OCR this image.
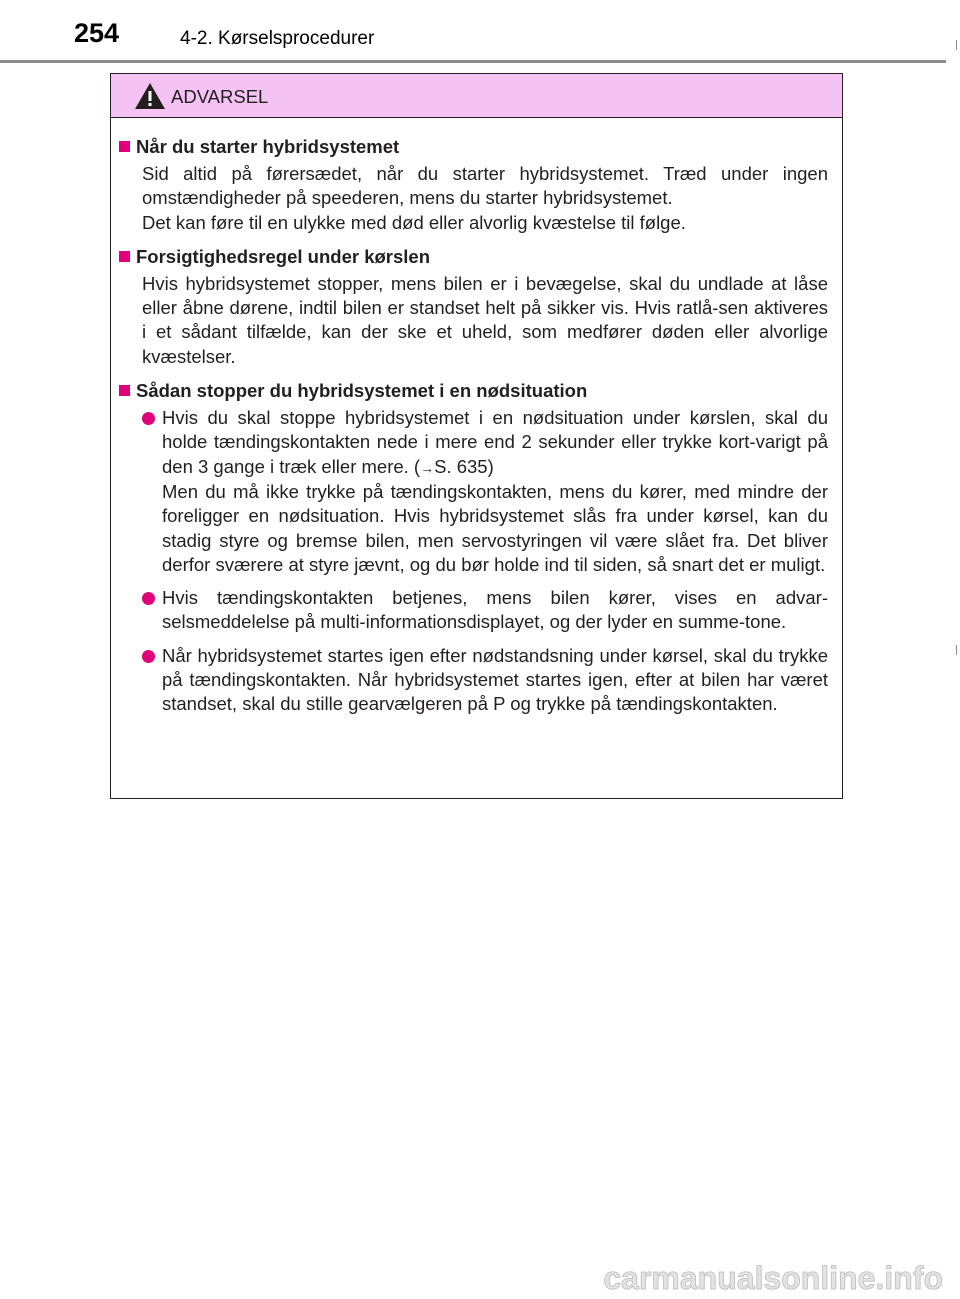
254	4-2. Kørselsprocedurer
ADVARSEL
Når du starter hybridsystemet
Sid altid på førersædet, når du starter hybridsystemet. Træd under ingen omstændigheder på speederen, mens du starter hybridsystemet.
Det kan føre til en ulykke med død eller alvorlig kvæstelse til følge.
Forsigtighedsregel under kørslen
Hvis hybridsystemet stopper, mens bilen er i bevægelse, skal du undlade at låse eller åbne dørene, indtil bilen er standset helt på sikker vis. Hvis ratlå-sen aktiveres i et sådant tilfælde, kan der ske et uheld, som medfører døden eller alvorlige kvæstelser.
Sådan stopper du hybridsystemet i en nødsituation
Hvis du skal stoppe hybridsystemet i en nødsituation under kørslen, skal du holde tændingskontakten nede i mere end 2 sekunder eller trykke kort-varigt på den 3 gange i træk eller mere. (→S. 635)
Men du må ikke trykke på tændingskontakten, mens du kører, med mindre der foreligger en nødsituation. Hvis hybridsystemet slås fra under kørsel, kan du stadig styre og bremse bilen, men servostyringen vil være slået fra. Det bliver derfor sværere at styre jævnt, og du bør holde ind til siden, så snart det er muligt.
Hvis tændingskontakten betjenes, mens bilen kører, vises en advar-selsmeddelelse på multi-informationsdisplayet, og der lyder en summe-tone.
Når hybridsystemet startes igen efter nødstandsning under kørsel, skal du trykke på tændingskontakten. Når hybridsystemet startes igen, efter at bilen har været standset, skal du stille gearvælgeren på P og trykke på tændingskontakten.
carmanualsonline.info
